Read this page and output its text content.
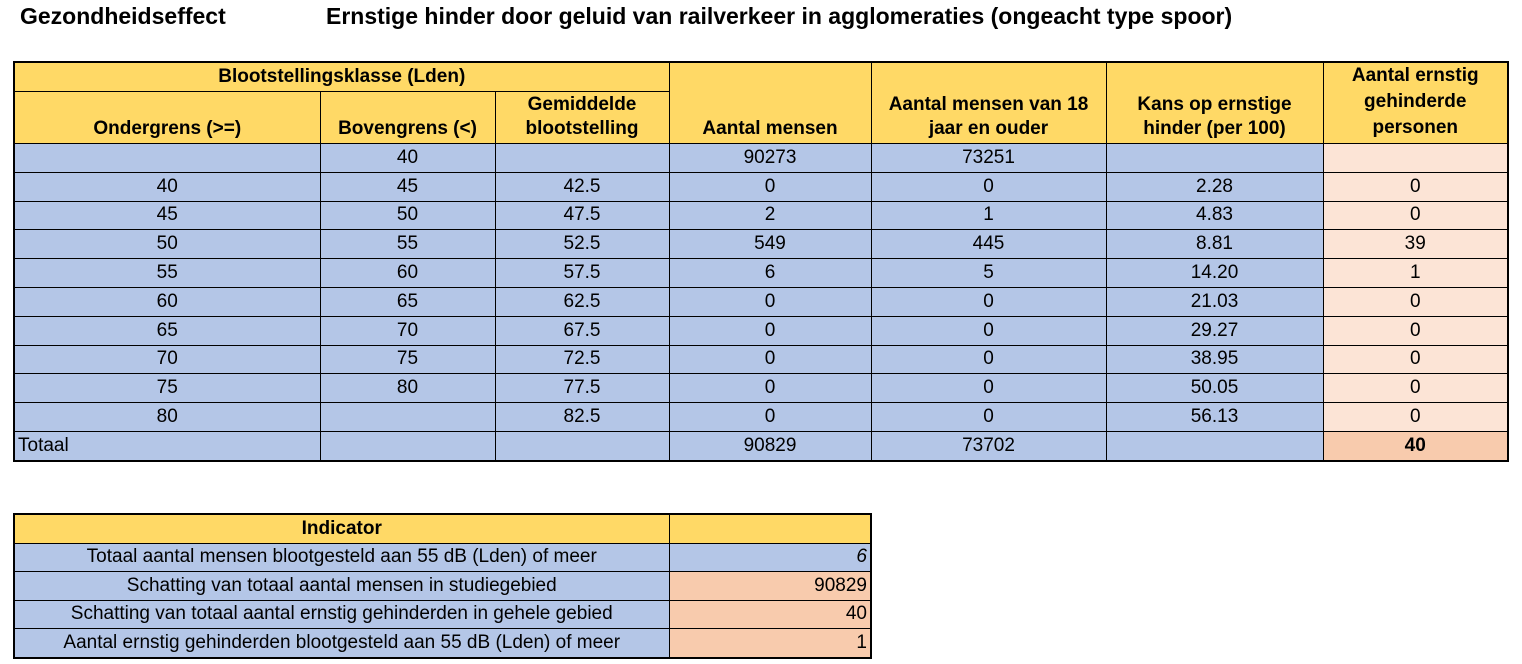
Gezondheidseffect	Ernstige hinder door geluid van railverkeer in agglomeraties (ongeacht type spoor)
Blootstellingsklasse (Lden)			Aantal mensen	Aantal mensen van 18 jaar en ouder	Kans op ernstige hinder (per 100)	Aantal ernstig gehinderde personen
Ondergrens (>=)	Bovengrens (<)	Gemiddelde blootstelling				
	40		90273	73251		
40	45	42.5	0	0	2.28	0
45	50	47.5	2	1	4.83	0
50	55	52.5	549	445	8.81	39
55	60	57.5	6	5	14.20	1
60	65	62.5	0	0	21.03	0
65	70	67.5	0	0	29.27	0
70	75	72.5	0	0	38.95	0
75	80	77.5	0	0	50.05	0
80		82.5	0	0	56.13	0
Totaal			90829	73702		40
Indicator	
Totaal aantal mensen blootgesteld aan 55 dB (Lden) of meer	6
Schatting van totaal aantal mensen in studiegebied	90829
Schatting van totaal aantal ernstig gehinderden in gehele gebied	40
Aantal ernstig gehinderden blootgesteld aan 55 dB (Lden) of meer	1
